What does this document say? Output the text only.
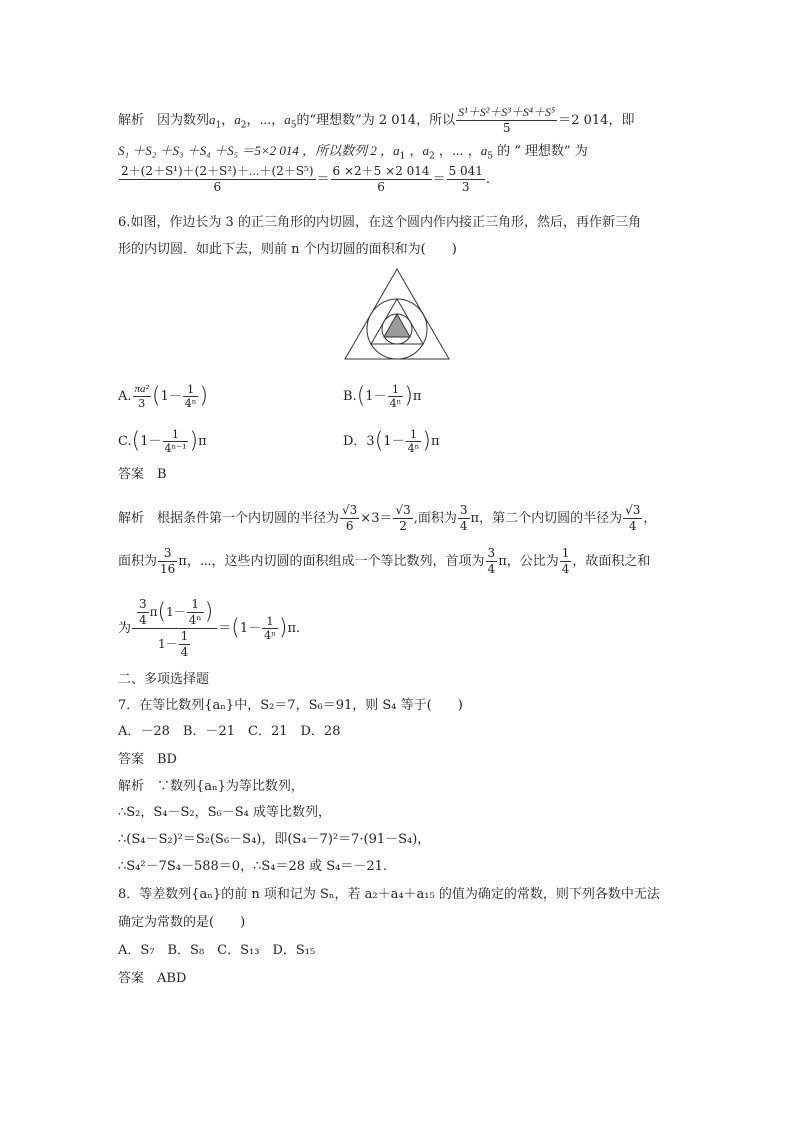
解析　因为数列$a_1$，$a_2$，⋯，$a_5$的“理想数”为 2 014，所以 $\frac{\text{S¹＋S²＋S³＋S⁴＋S⁵}}{5} =2$ 014，即
S₁ ＋S₂ ＋S₃ ＋S₄ ＋S₅ ＝5×2 014 ，所以数列 2 ，$a_1$ ，$a_2$ ，⋯ ，$a_5$ 的 “ 理想数” 为
$\frac{\text{2＋(2＋S¹)＋(2＋S²)＋⋯＋(2＋S⁵)}}{6} = \frac{6 \times 2+5 \times 2 014}{6} = \frac{5 041}{3}$ .
6.如图，作边长为 3 的正三角形的内切圆，在这个圆内作内接正三角形，然后，再作新三角
形的内切圆．如此下去，则前 n 个内切圆的面积和为(　　)
A. $\frac{\text{πa²}}{3} (1- \frac{1}{\text{4ⁿ}}$ )	$B.(1- \frac{1}{\text{4ⁿ}} )\pi$
$C.(1- \frac{1}{\text{4ⁿ⁻¹}} )\pi$	D．$3(1- \frac{1}{\text{4ⁿ}} )\pi$
答案　B
解析　根据条件第一个内切圆的半径为 $\frac{√3}{6} \times 3= \frac{√3}{2}$ ,面积为 $\frac{3}{4}$ π，第二个内切圆的半径为 $\frac{√3}{4}$ ，
面积为 $\frac{3}{16}$ π，⋯，这些内切圆的面积组成一个等比数列，首项为 $\frac{3}{4}$ π，公比为 $\frac{1}{4}$ ，故面积之和
为 $\frac{\frac{3}{4} \pi(1- \frac{1}{\text{4ⁿ}} )}{1- \frac{1}{4}} =(1- \frac{1}{\text{4ⁿ}} )\pi$.
二、多项选择题
7．在等比数列{aₙ}中，S₂＝7，S₆＝91，则 S₄ 等于(　　)
A．－28　B．－21　C．21　D．28
答案　BD
解析　∵数列{aₙ}为等比数列，
∴S₂，S₄－S₂，S₆－S₄ 成等比数列，
∴(S₄－S₂)²＝S₂(S₆－S₄)，即(S₄－7)²＝7·(91－S₄)，
∴S₄²－7S₄－588＝0，∴S₄＝28 或 S₄＝－21.
8．等差数列{aₙ}的前 n 项和记为 Sₙ，若 a₂＋a₄＋a₁₅ 的值为确定的常数，则下列各数中无法
确定为常数的是(　　)
A．S₇　B．S₈　C．S₁₃　D．S₁₅
答案　ABD
